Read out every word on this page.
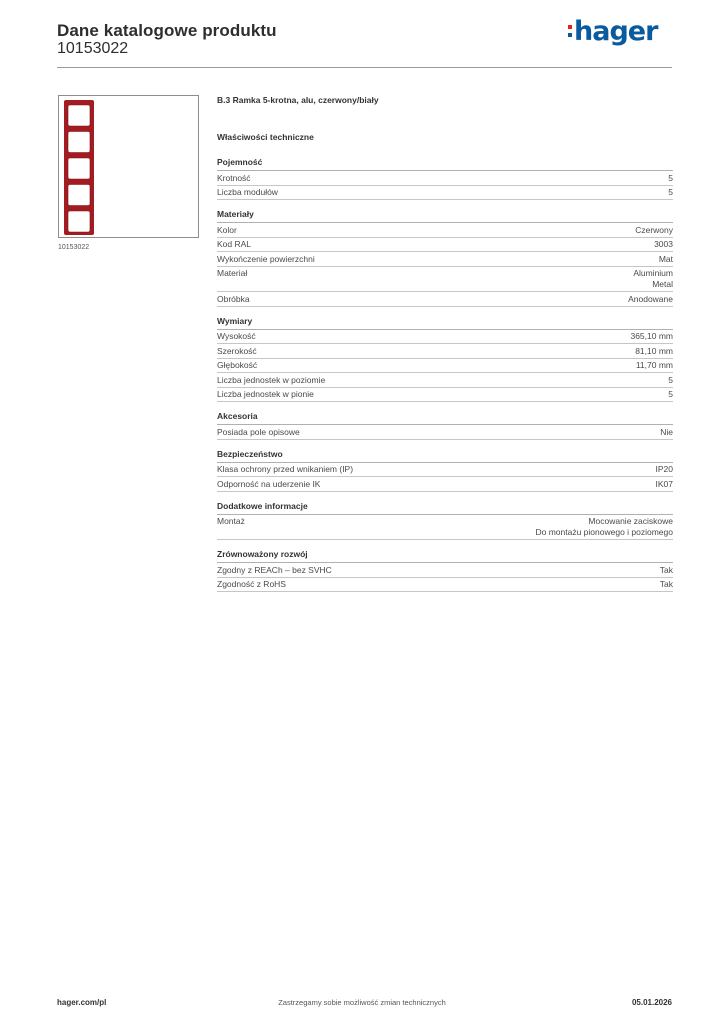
Dane katalogowe produktu
10153022
hager
10153022
B.3 Ramka 5-krotna, alu, czerwony/biały
Właściwości techniczne
Pojemność
Krotność	5
Liczba modułów	5
Materiały
Kolor	Czerwony
Kod RAL	3003
Wykończenie powierzchni	Mat
Materiał	Aluminium
Metal
Obróbka	Anodowane
Wymiary
Wysokość	365,10 mm
Szerokość	81,10 mm
Głębokość	11,70 mm
Liczba jednostek w poziomie	5
Liczba jednostek w pionie	5
Akcesoria
Posiada pole opisowe	Nie
Bezpieczeństwo
Klasa ochrony przed wnikaniem (IP)	IP20
Odporność na uderzenie IK	IK07
Dodatkowe informacje
Montaż	Mocowanie zaciskowe
Do montażu pionowego i poziomego
Zrównoważony rozwój
Zgodny z REACh – bez SVHC	Tak
Zgodność z RoHS	Tak
hager.com/pl	Zastrzegamy sobie możliwość zmian technicznych	05.01.2026
